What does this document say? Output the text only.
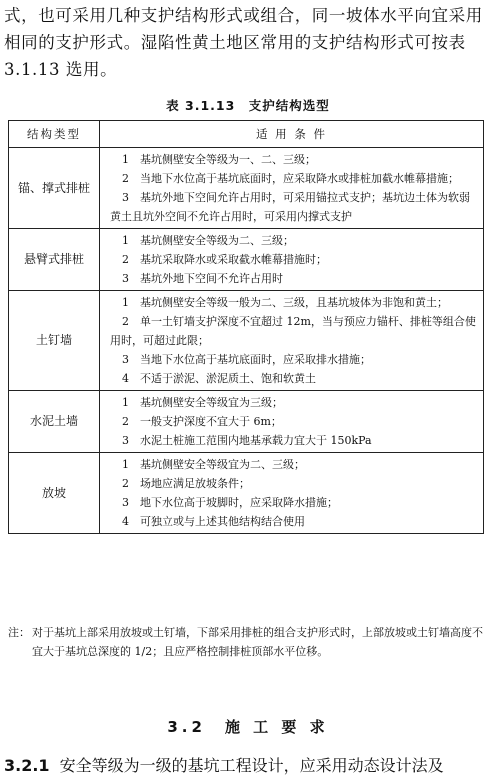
式，也可采用几种支护结构形式或组合，同一坡体水平向宜采用

相同的支护形式。湿陷性黄土地区常用的支护结构形式可按表

3.1.13 选用。

表 3.1.13　支护结构选型
结构类型	适 用 条 件
锚、撑式排桩	1　基坑侧壁安全等级为一、二、三级；

2　当地下水位高于基坑底面时，应采取降水或排桩加截水帷幕措施；

3　基坑外地下空间允许占用时，可采用锚拉式支护；基坑边土体为软弱黄土且坑外空间不允许占用时，可采用内撑式支护

悬臂式排桩	1　基坑侧壁安全等级为二、三级；

2　基坑采取降水或采取截水帷幕措施时；

3　基坑外地下空间不允许占用时

土钉墙	1　基坑侧壁安全等级一般为二、三级，且基坑坡体为非饱和黄土；

2　单一土钉墙支护深度不宜超过 12m，当与预应力锚杆、排桩等组合使用时，可超过此限；

3　当地下水位高于基坑底面时，应采取排水措施；

4　不适于淤泥、淤泥质土、饱和软黄土

水泥土墙	1　基坑侧壁安全等级宜为三级；

2　一般支护深度不宜大于 6m；

3　水泥土桩施工范围内地基承载力宜大于 150kPa

放坡	1　基坑侧壁安全等级宜为二、三级；

2　场地应满足放坡条件；

3　地下水位高于坡脚时，应采取降水措施；

4　可独立或与上述其他结构结合使用

注： 对于基坑上部采用放坡或土钉墙，下部采用排桩的组合支护形式时，上部放坡或土钉墙高度不宜大于基坑总深度的 1/2；且应严格控制排桩顶部水平位移。
3.2　施 工 要 求
3.2.1 安全等级为一级的基坑工程设计，应采用动态设计法及
